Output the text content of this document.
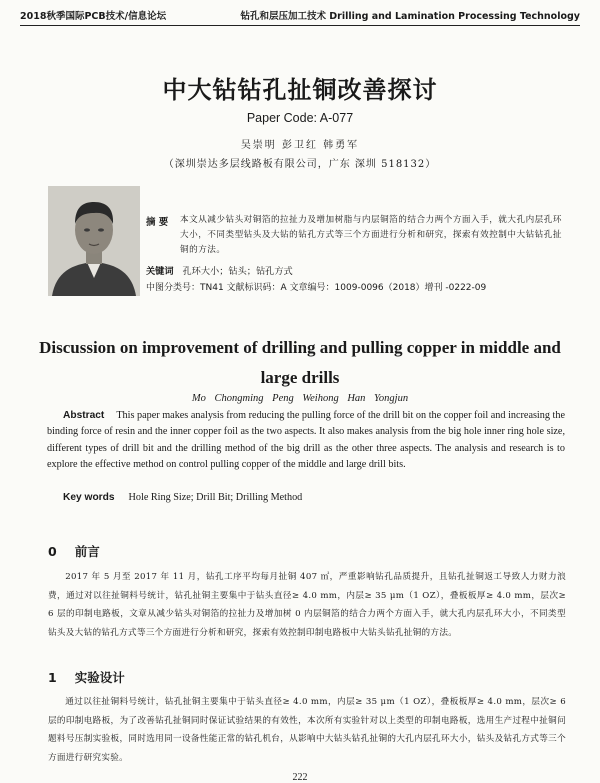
2018秋季国际PCB技术/信息论坛	钻孔和层压加工技术 Drilling and Lamination Processing Technology
中大钻钻孔扯铜改善探讨
Paper Code: A-077
吴崇明 彭卫红 韩勇军
（深圳崇达多层线路板有限公司，广东 深圳 518132）
摘 要 本文从减少钻头对铜箔的拉扯力及增加树脂与内层铜箔的结合力两个方面入手，就大孔内层孔环大小，不同类型钻头及大钻的钻孔方式等三个方面进行分析和研究，探索有效控制中大钻钻孔扯铜的方法。
关键词 孔环大小；钻头；钻孔方式
中图分类号：TN41 文献标识码：A 文章编号：1009-0096（2018）增刊 -0222-09
Discussion on improvement of drilling and pulling copper in middle and large drills
Mo Chongming Peng Weihong Han Yongjun
Abstract This paper makes analysis from reducing the pulling force of the drill bit on the copper foil and increasing the binding force of resin and the inner copper foil as the two aspects. It also makes analysis from the big hole inner ring hole size, different types of drill bit and the drilling method of the big drill as the other three aspects. The analysis and research is to explore the effective method on control pulling copper of the middle and large drill bits.
Key words Hole Ring Size; Drill Bit; Drilling Method
0 前言

2017 年 5 月至 2017 年 11 月，钻孔工序平均每月扯铜 407 ㎡，严重影响钻孔品质提升，且钻孔扯铜返工导致人力财力浪费，通过对以往扯铜料号统计，钻孔扯铜主要集中于钻头直径≥ 4.0 mm，内层≥ 35 μm（1 OZ），叠板板厚≥ 4.0 mm，层次≥ 6 层的印制电路板，文章从减少钻头对铜箔的拉扯力及增加树 0 内层铜箔的结合力两个方面入手，就大孔内层孔环大小，不同类型钻头及大钻的钻孔方式等三个方面进行分析和研究，探索有效控制印制电路板中大钻头钻孔扯铜的方法。

1 实验设计

通过以往扯铜料号统计，钻孔扯铜主要集中于钻头直径≥ 4.0 mm，内层≥ 35 μm（1 OZ），叠板板厚≥ 4.0 mm，层次≥ 6 层的印制电路板，为了改善钻孔扯铜同时保证试验结果的有效性，本次所有实验针对以上类型的印制电路板，选用生产过程中扯铜问题料号压制实验板，同时选用同一设备性能正常的钻孔机台，从影响中大钻头钻孔扯铜的大孔内层孔环大小，钻头及钻孔方式等三个方面进行研究实验。

222
